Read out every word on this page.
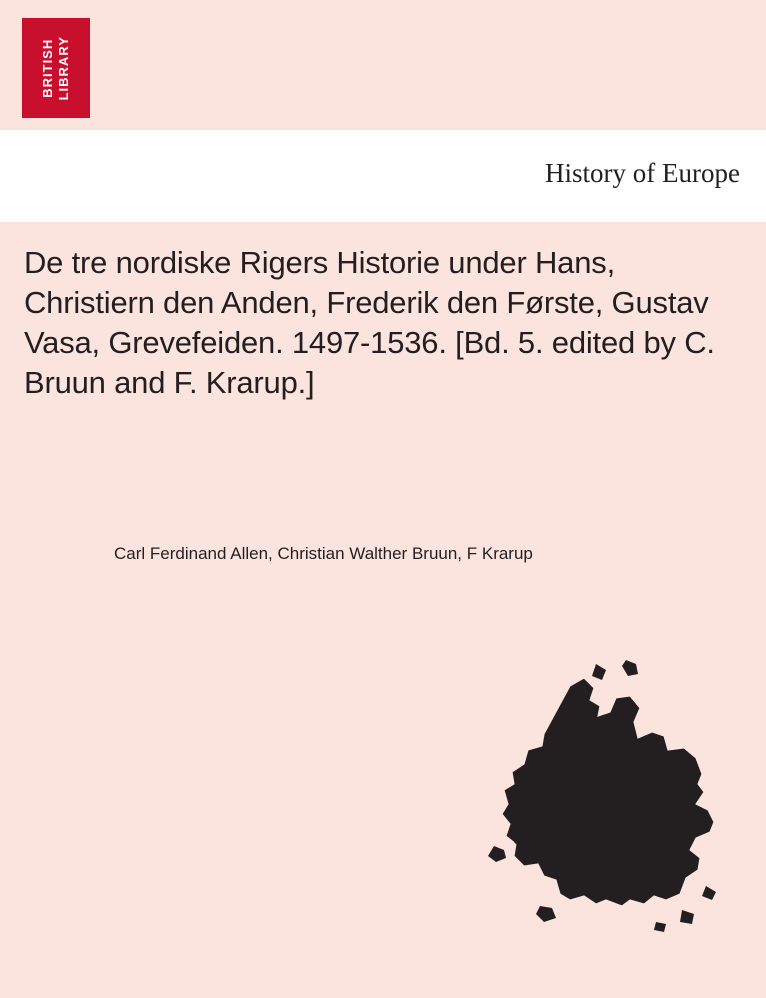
BRITISH LIBRARY
History of Europe
De tre nordiske Rigers Historie under Hans, Christiern den Anden, Frederik den Første, Gustav Vasa, Grevefeiden. 1497-1536. [Bd. 5. edited by C. Bruun and F. Krarup.]
Carl Ferdinand Allen, Christian Walther Bruun, F Krarup
